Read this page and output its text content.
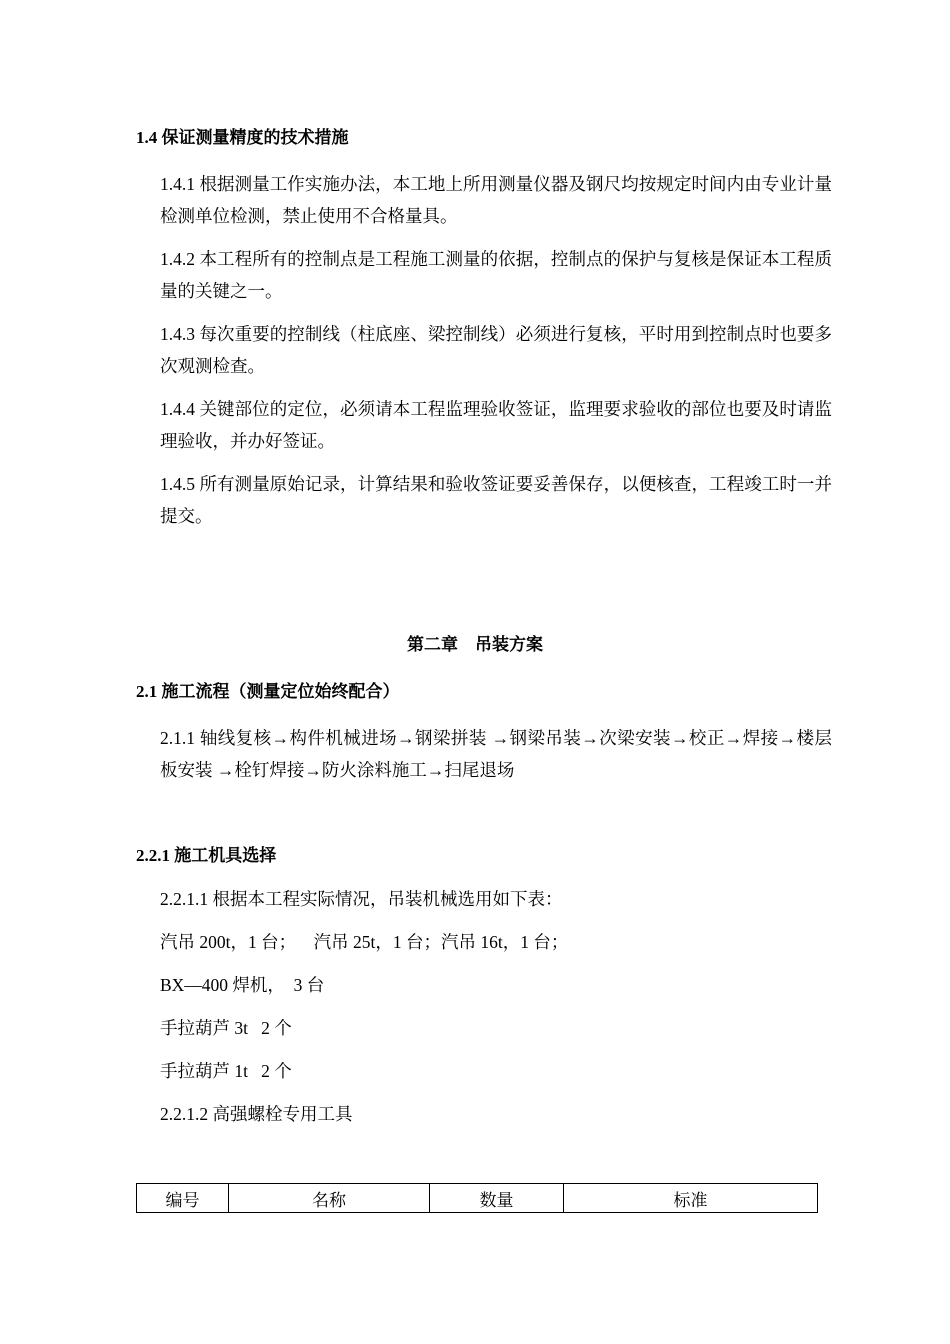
1.4 保证测量精度的技术措施
1.4.1 根据测量工作实施办法，本工地上所用测量仪器及钢尺均按规定时间内由专业计量检测单位检测，禁止使用不合格量具。
1.4.2 本工程所有的控制点是工程施工测量的依据，控制点的保护与复核是保证本工程质量的关键之一。
1.4.3 每次重要的控制线（柱底座、梁控制线）必须进行复核，平时用到控制点时也要多次观测检查。
1.4.4 关键部位的定位，必须请本工程监理验收签证，监理要求验收的部位也要及时请监理验收，并办好签证。
1.4.5 所有测量原始记录，计算结果和验收签证要妥善保存，以便核查，工程竣工时一并提交。
第二章　吊装方案
2.1 施工流程（测量定位始终配合）
2.1.1 轴线复核→构件机械进场→钢梁拼装 →钢梁吊装→次梁安装→校正→焊接→楼层板安装 →栓钉焊接→防火涂料施工→扫尾退场
2.2.1 施工机具选择
2.2.1.1 根据本工程实际情况，吊装机械选用如下表：
汽吊 200t，1 台；    汽吊 25t，1 台；汽吊 16t，1 台；
BX—400 焊机，  3 台
手拉葫芦 3t   2 个
手拉葫芦 1t   2 个
2.2.1.2 高强螺栓专用工具
编号	名称	数量	标准
